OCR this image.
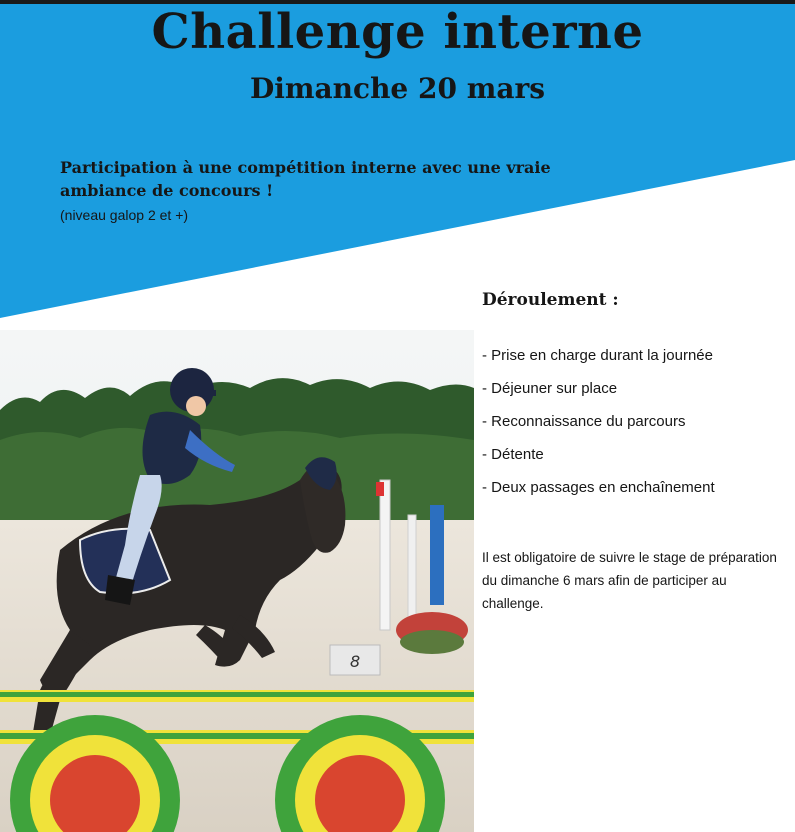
Challenge interne
Dimanche 20 mars
Participation à une compétition interne avec une vraie ambiance de concours !
(niveau galop 2 et +)
8
Déroulement :
- Prise en charge durant la journée
- Déjeuner sur place
- Reconnaissance du parcours
- Détente
- Deux passages en enchaînement
Il est obligatoire de suivre le stage de préparation du dimanche 6 mars afin de participer au challenge.
